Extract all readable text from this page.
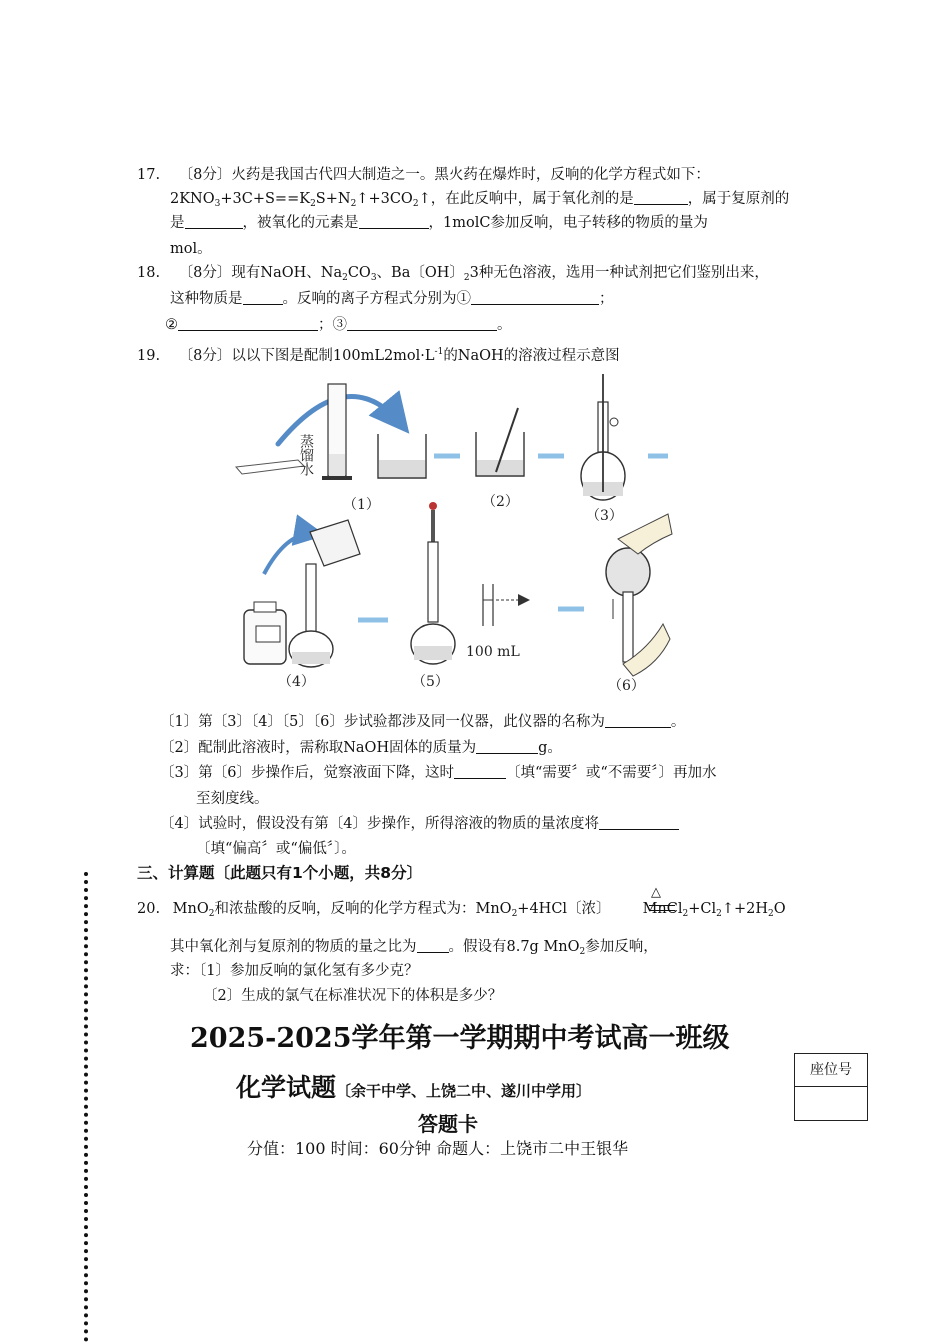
17. 〔8分〕火药是我国古代四大制造之一。黑火药在爆炸时，反响的化学方程式如下：
$2KNO_3+3C+S==K_2S+N_2↑+3CO_2↑$，在此反响中，属于氧化剂的是	，属于复原剂的
是	，被氧化的元素是	，1molC参加反响，电子转移的物质的量为
mol。
18. 〔8分〕现有NaOH、$Na_2CO_3$、Ba〔OH〕$_2$3种无色溶液，选用一种试剂把它们鉴别出来，
这种物质是	。反响的离子方程式分别为①	；
②	；③	。
19. 〔8分〕以以下图是配制$100mL2mol\cdot L^{-1}$的NaOH的溶液过程示意图
蒸馏水
100 mL
（1）	（2）
（3）
（4）	（5）	（6）
〔1〕第〔3〕〔4〕〔5〕〔6〕步试验都涉及同一仪器，此仪器的名称为	。
〔2〕配制此溶液时，需称取NaOH固体的质量为	g。
〔3〕第〔6〕步操作后，觉察液面下降，这时	〔填“需要〞或“不需要〞〕再加水
至刻度线。
〔4〕试验时，假设没有第〔4〕步操作，所得溶液的物质的量浓度将
〔填“偏高〞或“偏低〞〕。
三、计算题〔此题只有1个小题，共8分〕
20. MnO$_2$和浓盐酸的反响，反响的化学方程式为：MnO$_2$+4HCl〔浓〕 $MnCl_2+Cl_2↑+2H_2O$
△
其中氧化剂与复原剂的物质的量之比为 。假设有8.7g MnO$_2$参加反响，
求：〔1〕参加反响的氯化氢有多少克？
〔2〕生成的氯气在标准状况下的体积是多少？
2025-2025学年第一学期期中考试高一班级
化学试题〔余干中学、上饶二中、遂川中学用〕
答题卡
分值：100 时间：60分钟 命题人：上饶市二中王银华
座位号
